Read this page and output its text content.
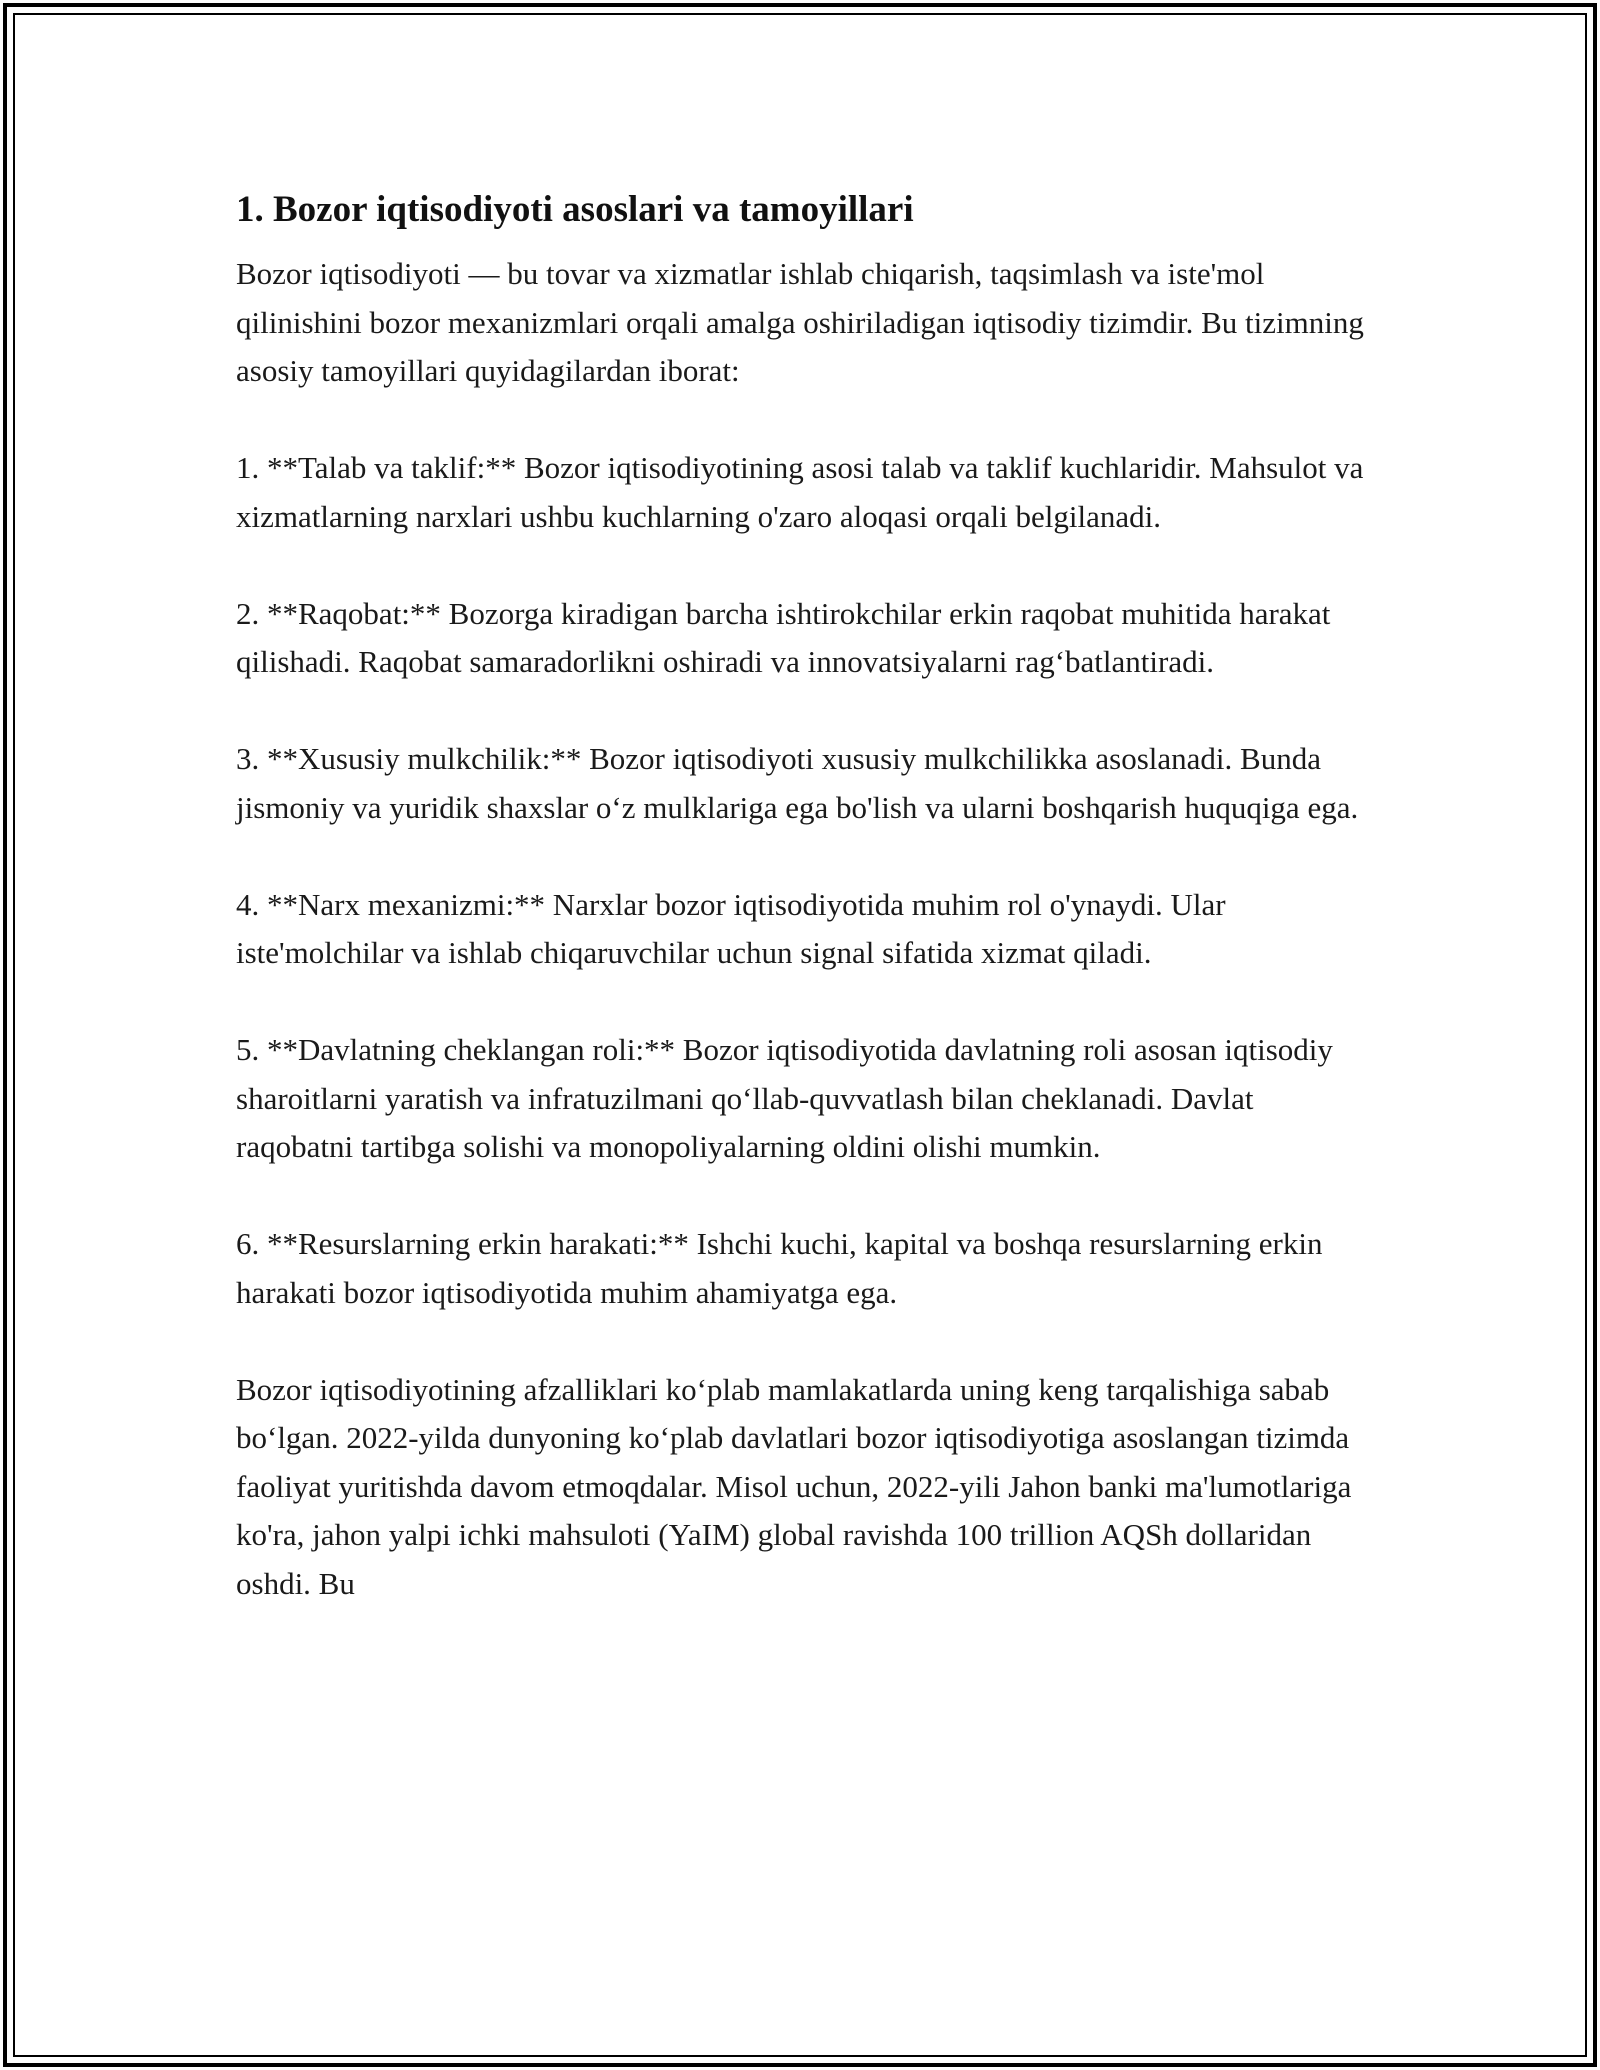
1. Bozor iqtisodiyoti asoslari va tamoyillari

Bozor iqtisodiyoti — bu tovar va xizmatlar ishlab chiqarish, taqsimlash va iste'mol qilinishini bozor mexanizmlari orqali amalga oshiriladigan iqtisodiy tizimdir. Bu tizimning asosiy tamoyillari quyidagilardan iborat:

1. **Talab va taklif:** Bozor iqtisodiyotining asosi talab va taklif kuchlaridir. Mahsulot va xizmatlarning narxlari ushbu kuchlarning o'zaro aloqasi orqali belgilanadi.

2. **Raqobat:** Bozorga kiradigan barcha ishtirokchilar erkin raqobat muhitida harakat qilishadi. Raqobat samaradorlikni oshiradi va innovatsiyalarni rag‘batlantiradi.

3. **Xususiy mulkchilik:** Bozor iqtisodiyoti xususiy mulkchilikka asoslanadi. Bunda jismoniy va yuridik shaxslar o‘z mulklariga ega bo'lish va ularni boshqarish huquqiga ega.

4. **Narx mexanizmi:** Narxlar bozor iqtisodiyotida muhim rol o'ynaydi. Ular iste'molchilar va ishlab chiqaruvchilar uchun signal sifatida xizmat qiladi.

5. **Davlatning cheklangan roli:** Bozor iqtisodiyotida davlatning roli asosan iqtisodiy sharoitlarni yaratish va infratuzilmani qo‘llab-quvvatlash bilan cheklanadi. Davlat raqobatni tartibga solishi va monopoliyalarning oldini olishi mumkin.

6. **Resurslarning erkin harakati:** Ishchi kuchi, kapital va boshqa resurslarning erkin harakati bozor iqtisodiyotida muhim ahamiyatga ega.

Bozor iqtisodiyotining afzalliklari ko‘plab mamlakatlarda uning keng tarqalishiga sabab bo‘lgan. 2022-yilda dunyoning ko‘plab davlatlari bozor iqtisodiyotiga asoslangan tizimda faoliyat yuritishda davom etmoqdalar. Misol uchun, 2022-yili Jahon banki ma'lumotlariga ko'ra, jahon yalpi ichki mahsuloti (YaIM) global ravishda 100 trillion AQSh dollaridan oshdi. Bu
